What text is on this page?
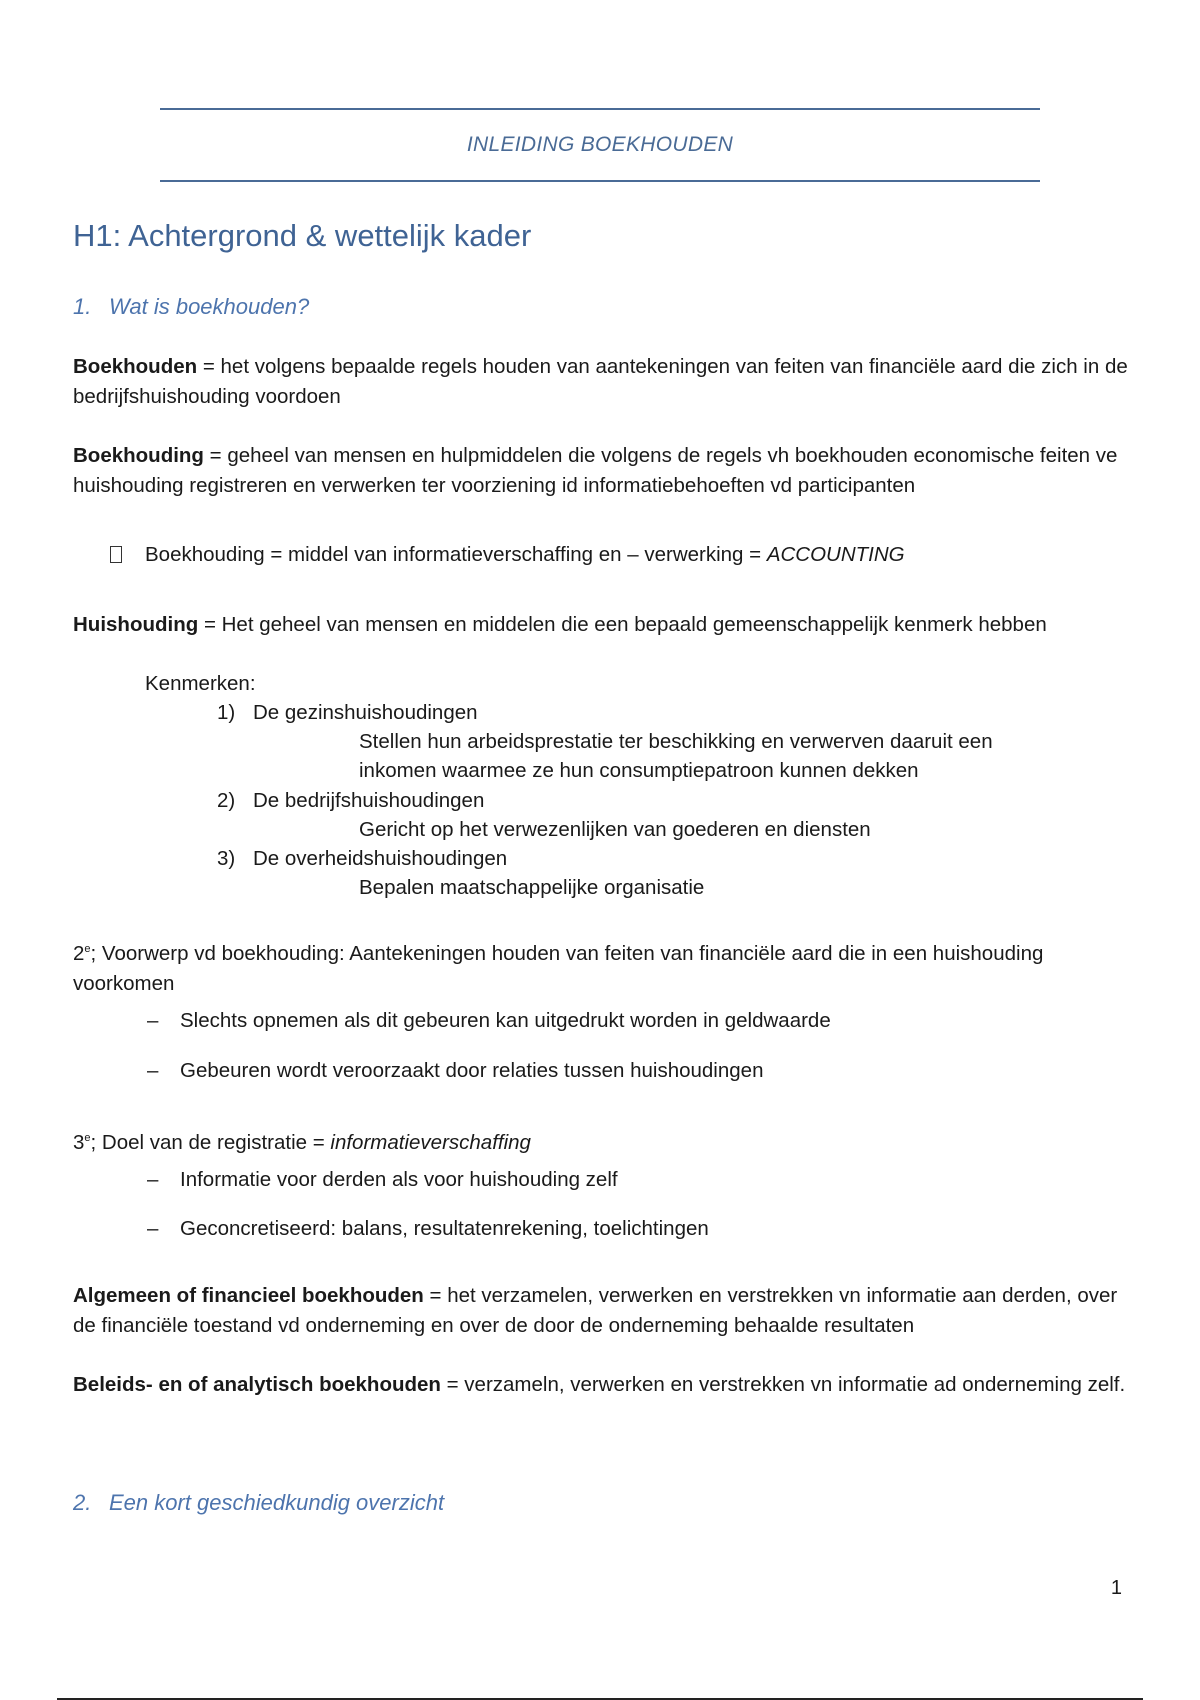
INLEIDING BOEKHOUDEN
H1: Achtergrond & wettelijk kader
1. Wat is boekhouden?
Boekhouden = het volgens bepaalde regels houden van aantekeningen van feiten van financiële aard die zich in de bedrijfshuishouding voordoen
Boekhouding = geheel van mensen en hulpmiddelen die volgens de regels vh boekhouden economische feiten ve huishouding registreren en verwerken ter voorziening id informatiebehoeften vd participanten
Boekhouding = middel van informatieverschaffing en – verwerking = ACCOUNTING
Huishouding = Het geheel van mensen en middelen die een bepaald gemeenschappelijk kenmerk hebben
Kenmerken:
1) De gezinshuishoudingen
Stellen hun arbeidsprestatie ter beschikking en verwerven daaruit een
inkomen waarmee ze hun consumptiepatroon kunnen dekken
2) De bedrijfshuishoudingen
Gericht op het verwezenlijken van goederen en diensten
3) De overheidshuishoudingen
Bepalen maatschappelijke organisatie
2e; Voorwerp vd boekhouding: Aantekeningen houden van feiten van financiële aard die in een huishouding voorkomen
– Slechts opnemen als dit gebeuren kan uitgedrukt worden in geldwaarde
– Gebeuren wordt veroorzaakt door relaties tussen huishoudingen
3e; Doel van de registratie = informatieverschaffing
– Informatie voor derden als voor huishouding zelf
– Geconcretiseerd: balans, resultatenrekening, toelichtingen
Algemeen of financieel boekhouden = het verzamelen, verwerken en verstrekken vn informatie aan derden, over de financiële toestand vd onderneming en over de door de onderneming behaalde resultaten
Beleids- en of analytisch boekhouden = verzameln, verwerken en verstrekken vn informatie ad onderneming zelf.
2. Een kort geschiedkundig overzicht
1
